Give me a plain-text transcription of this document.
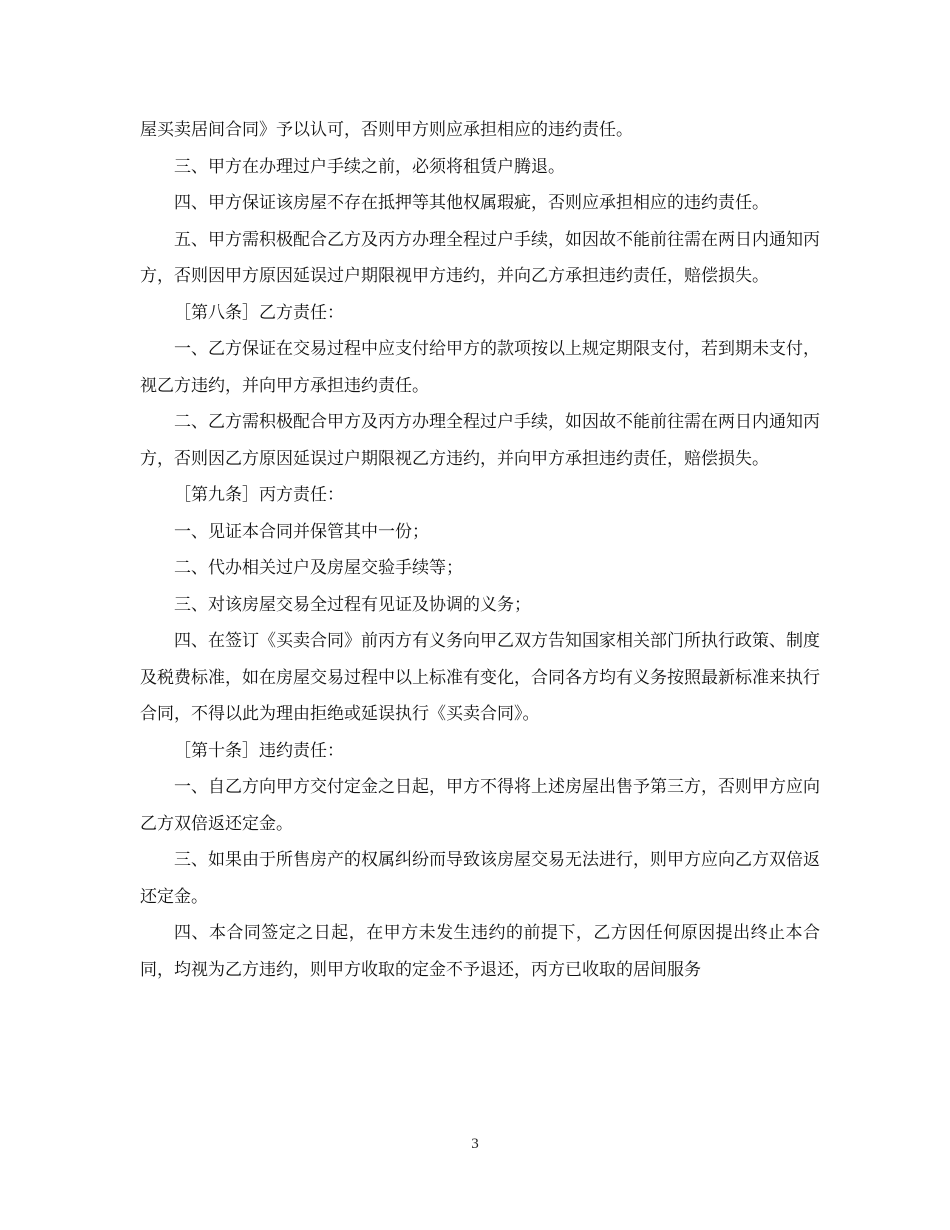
屋买卖居间合同》予以认可，否则甲方则应承担相应的违约责任。

三、甲方在办理过户手续之前，必须将租赁户腾退。

四、甲方保证该房屋不存在抵押等其他权属瑕疵，否则应承担相应的违约责任。

五、甲方需积极配合乙方及丙方办理全程过户手续，如因故不能前往需在两日内通知丙方，否则因甲方原因延误过户期限视甲方违约，并向乙方承担违约责任，赔偿损失。

［第八条］乙方责任：

一、乙方保证在交易过程中应支付给甲方的款项按以上规定期限支付，若到期未支付，视乙方违约，并向甲方承担违约责任。

二、乙方需积极配合甲方及丙方办理全程过户手续，如因故不能前往需在两日内通知丙方，否则因乙方原因延误过户期限视乙方违约，并向甲方承担违约责任，赔偿损失。

［第九条］丙方责任：

一、见证本合同并保管其中一份；

二、代办相关过户及房屋交验手续等；

三、对该房屋交易全过程有见证及协调的义务；

四、在签订《买卖合同》前丙方有义务向甲乙双方告知国家相关部门所执行政策、制度及税费标准，如在房屋交易过程中以上标准有变化，合同各方均有义务按照最新标准来执行合同，不得以此为理由拒绝或延误执行《买卖合同》。

［第十条］违约责任：

一、自乙方向甲方交付定金之日起，甲方不得将上述房屋出售予第三方，否则甲方应向乙方双倍返还定金。

三、如果由于所售房产的权属纠纷而导致该房屋交易无法进行，则甲方应向乙方双倍返还定金。

四、本合同签定之日起，在甲方未发生违约的前提下，乙方因任何原因提出终止本合同，均视为乙方违约，则甲方收取的定金不予退还，丙方已收取的居间服务

3
